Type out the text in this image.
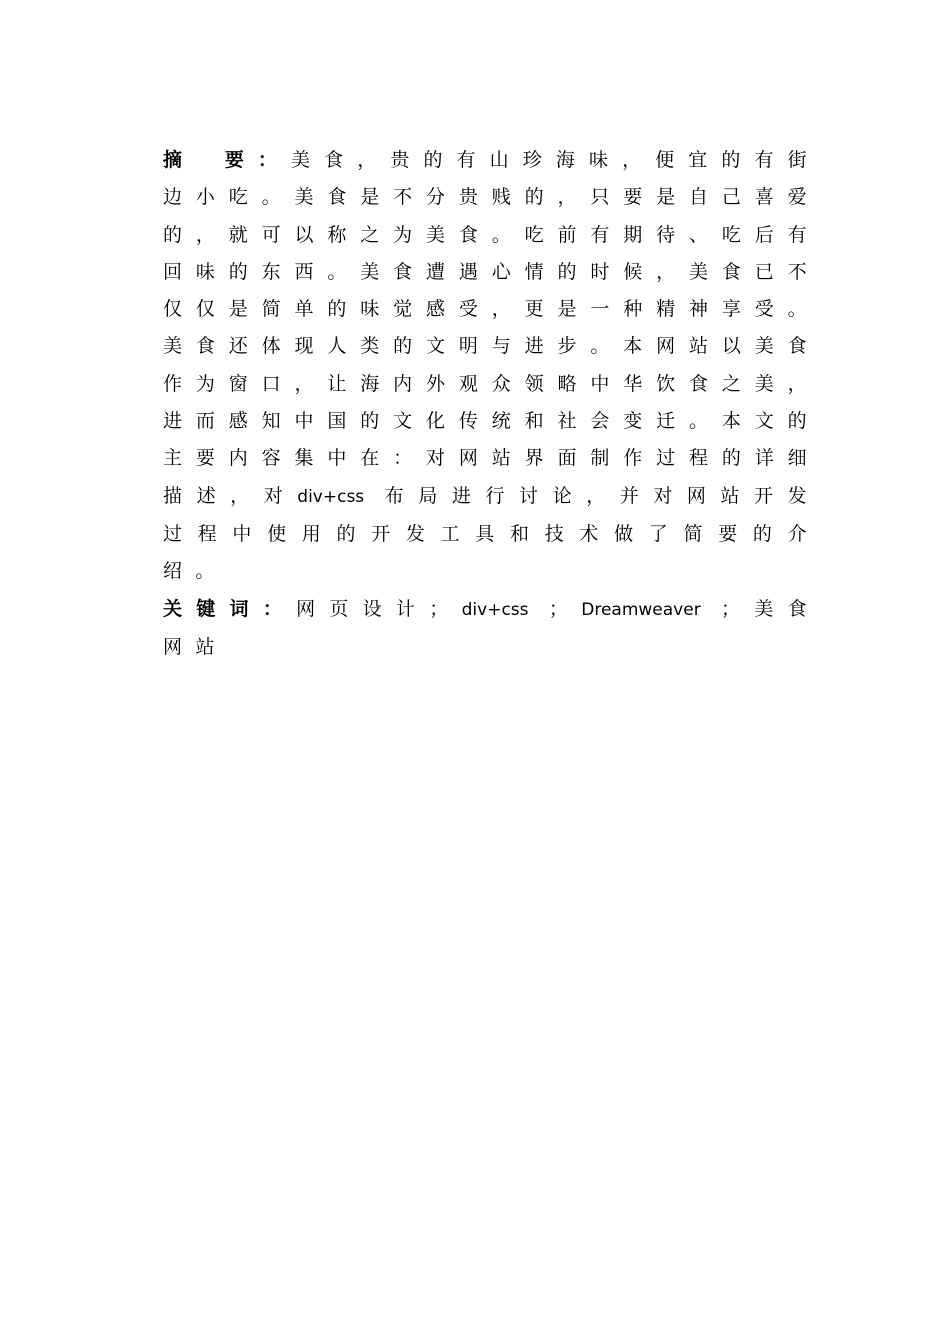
摘 要：美食，贵的有山珍海味，便宜的有街边小吃。美食是不分贵贱的，只要是自己喜爱的，就可以称之为美食。吃前有期待、吃后有回味的东西。美食遭遇心情的时候，美食已不仅仅是简单的味觉感受，更是一种精神享受。美食还体现人类的文明与进步。本网站以美食作为窗口，让海内外观众领略中华饮食之美，进而感知中国的文化传统和社会变迁。本文的主要内容集中在：对网站界面制作过程的详细描述，对div+css 布局进行讨论，并对网站开发过程中使用的开发工具和技术做了简要的介绍。

关键词：网页设计；div+css ；Dreamweaver ；美食网站
